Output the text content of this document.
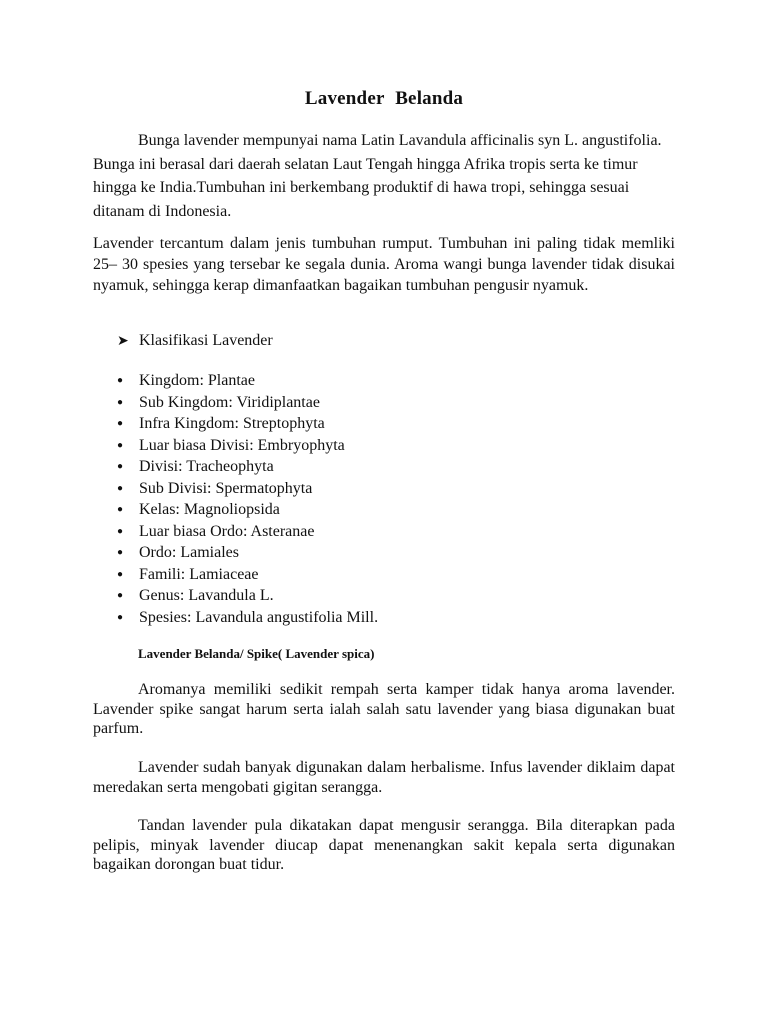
Lavender Belanda

Bunga lavender mempunyai nama Latin Lavandula afficinalis syn L. angustifolia. Bunga ini berasal dari daerah selatan Laut Tengah hingga Afrika tropis serta ke timur hingga ke India.Tumbuhan ini berkembang produktif di hawa tropi, sehingga sesuai ditanam di Indonesia.

Lavender tercantum dalam jenis tumbuhan rumput. Tumbuhan ini paling tidak memliki 25– 30 spesies yang tersebar ke segala dunia. Aroma wangi bunga lavender tidak disukai nyamuk, sehingga kerap dimanfaatkan bagaikan tumbuhan pengusir nyamuk.

➤ Klasifikasi Lavender
● Kingdom: Plantae
● Sub Kingdom: Viridiplantae
● Infra Kingdom: Streptophyta
● Luar biasa Divisi: Embryophyta
● Divisi: Tracheophyta
● Sub Divisi: Spermatophyta
● Kelas: Magnoliopsida
● Luar biasa Ordo: Asteranae
● Ordo: Lamiales
● Famili: Lamiaceae
● Genus: Lavandula L.
● Spesies: Lavandula angustifolia Mill.
Lavender Belanda/ Spike( Lavender spica)

Aromanya memiliki sedikit rempah serta kamper tidak hanya aroma lavender. Lavender spike sangat harum serta ialah salah satu lavender yang biasa digunakan buat parfum.

Lavender sudah banyak digunakan dalam herbalisme. Infus lavender diklaim dapat meredakan serta mengobati gigitan serangga.

Tandan lavender pula dikatakan dapat mengusir serangga. Bila diterapkan pada pelipis, minyak lavender diucap dapat menenangkan sakit kepala serta digunakan bagaikan dorongan buat tidur.
